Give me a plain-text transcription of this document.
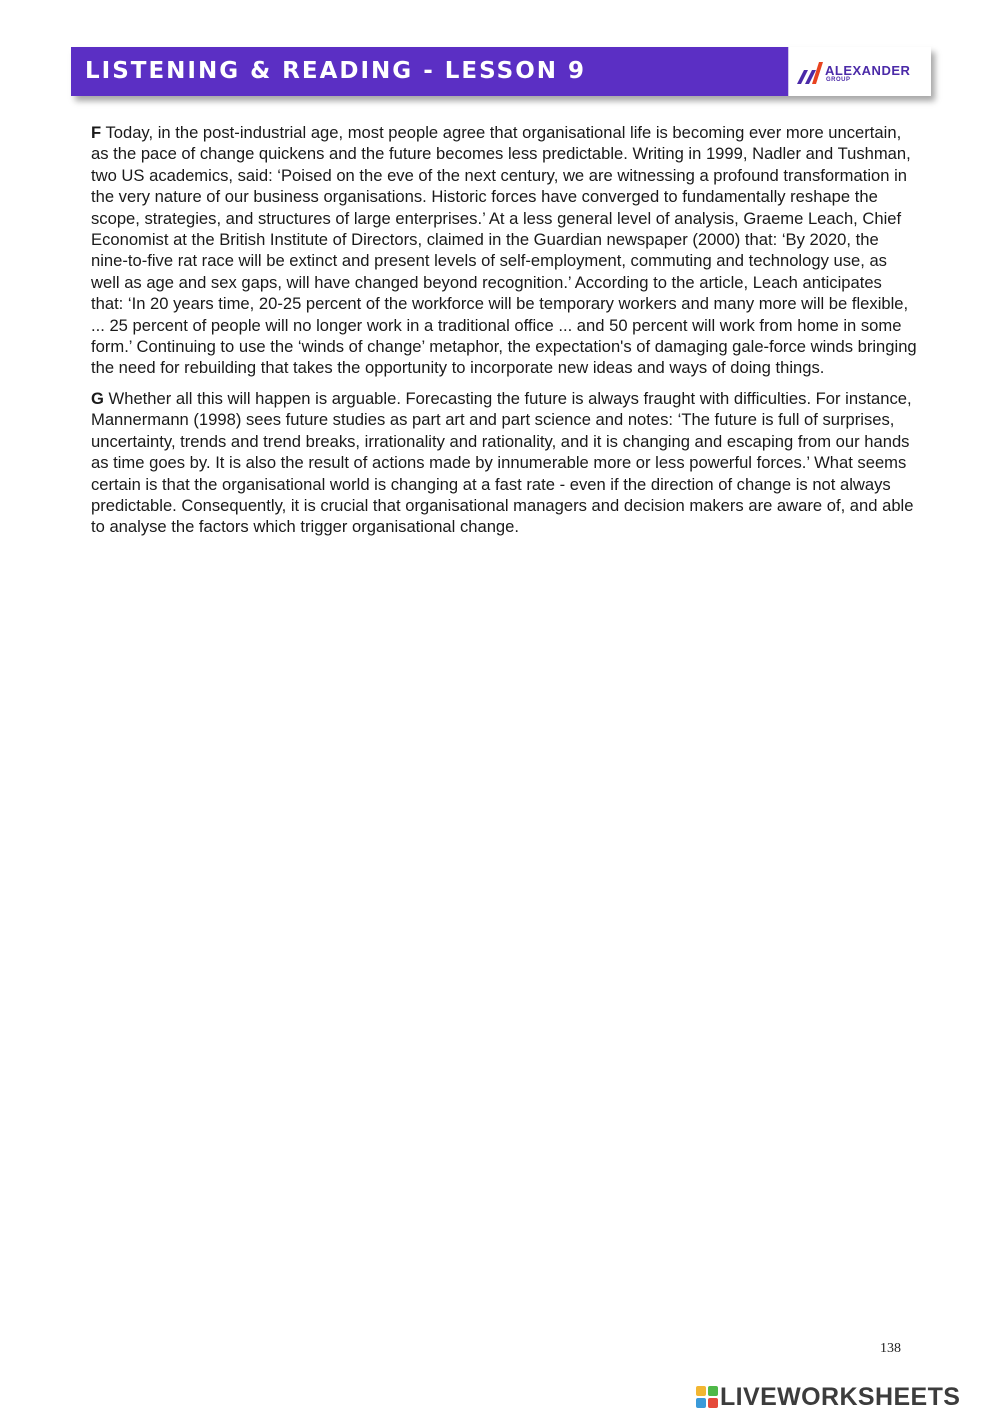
LISTENING & READING - LESSON 9	ALEXANDER
GROUP

F Today, in the post-industrial age, most people agree that organisational life is becoming ever more uncertain, as the pace of change quickens and the future becomes less predictable. Writing in 1999, Nadler and Tushman, two US academics, said: ‘Poised on the eve of the next century, we are witnessing a profound transformation in the very nature of our business organisations. Historic forces have converged to fundamentally reshape the scope, strategies, and structures of large enterprises.’ At a less general level of analysis, Graeme Leach, Chief Economist at the British Institute of Directors, claimed in the Guardian newspaper (2000) that: ‘By 2020, the nine-to-five rat race will be extinct and present levels of self-employment, commuting and technology use, as well as age and sex gaps, will have changed beyond recognition.’ According to the article, Leach anticipates that: ‘In 20 years time, 20-25 percent of the workforce will be temporary workers and many more will be flexible, ... 25 percent of people will no longer work in a traditional office ... and 50 percent will work from home in some form.’ Continuing to use the ‘winds of change’ metaphor, the expectation's of damaging gale-force winds bringing the need for rebuilding that takes the opportunity to incorporate new ideas and ways of doing things.

G Whether all this will happen is arguable. Forecasting the future is always fraught with difficulties. For instance, Mannermann (1998) sees future studies as part art and part science and notes: ‘The future is full of surprises, uncertainty, trends and trend breaks, irrationality and rationality, and it is changing and escaping from our hands as time goes by. It is also the result of actions made by innumerable more or less powerful forces.’ What seems certain is that the organisational world is changing at a fast rate - even if the direction of change is not always predictable. Consequently, it is crucial that organisational managers and decision makers are aware of, and able to analyse the factors which trigger organisational change.

138
LIVEWORKSHEETS
